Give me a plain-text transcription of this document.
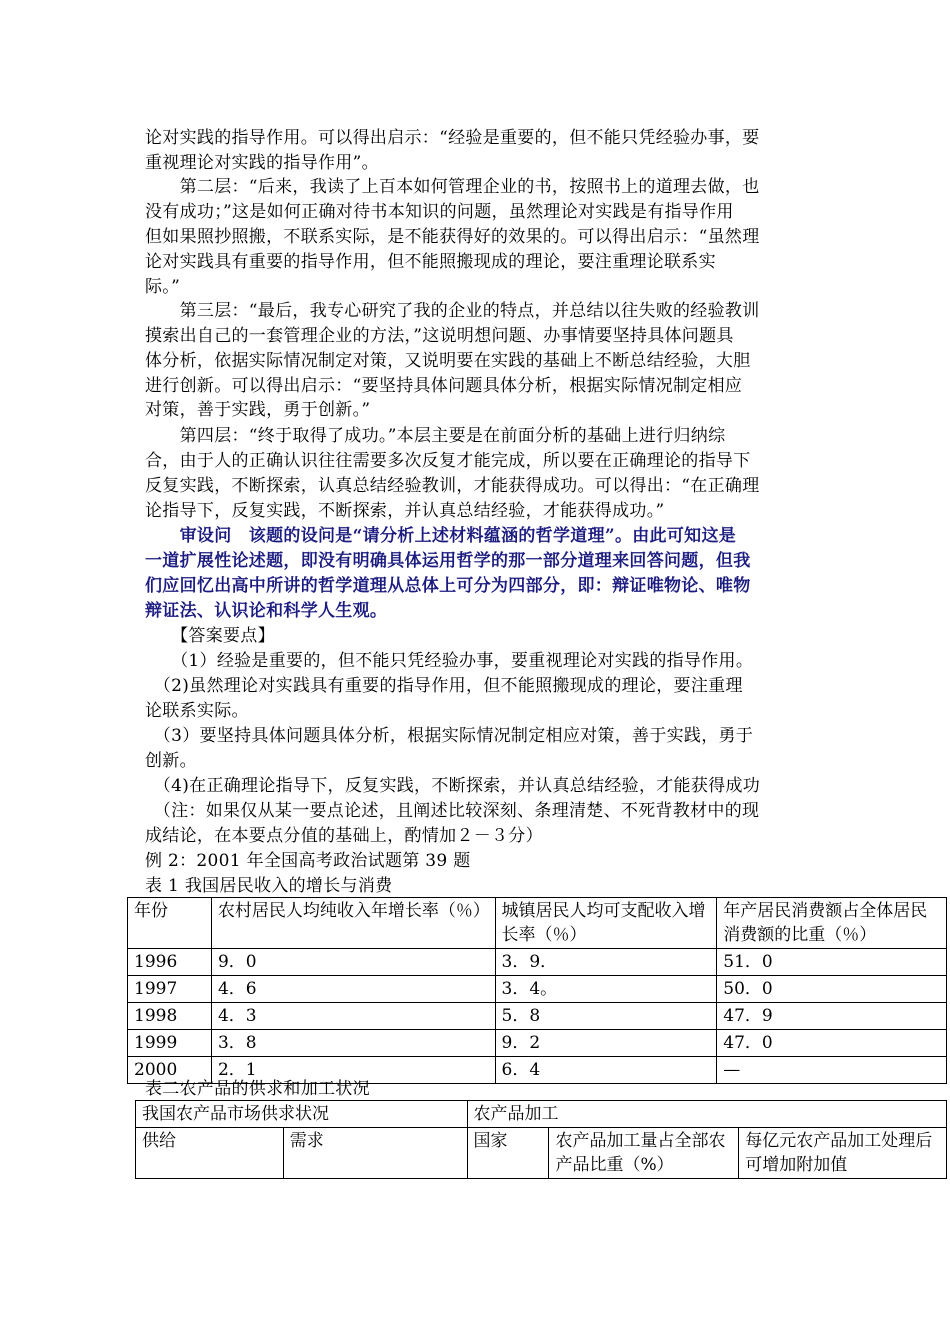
论对实践的指导作用。可以得出启示：“经验是重要的，但不能只凭经验办事，要
重视理论对实践的指导作用”。
　　第二层：“后来，我读了上百本如何管理企业的书，按照书上的道理去做，也
没有成功；”这是如何正确对待书本知识的问题，虽然理论对实践是有指导作用
但如果照抄照搬，不联系实际，是不能获得好的效果的。可以得出启示：“虽然理
论对实践具有重要的指导作用，但不能照搬现成的理论，要注重理论联系实
际。”
　　第三层：“最后，我专心研究了我的企业的特点，并总结以往失败的经验教训
摸索出自己的一套管理企业的方法，”这说明想问题、办事情要坚持具体问题具
体分析，依据实际情况制定对策，又说明要在实践的基础上不断总结经验，大胆
进行创新。可以得出启示：“要坚持具体问题具体分析，根据实际情况制定相应
对策，善于实践，勇于创新。”
　　第四层：“终于取得了成功。”本层主要是在前面分析的基础上进行归纳综
合，由于人的正确认识往往需要多次反复才能完成，所以要在正确理论的指导下
反复实践，不断探索，认真总结经验教训，才能获得成功。可以得出：“在正确理
论指导下，反复实践，不断探索，并认真总结经验，才能获得成功。”
　　审设问　该题的设问是“请分析上述材料蕴涵的哲学道理”。由此可知这是
一道扩展性论述题，即没有明确具体运用哲学的那一部分道理来回答问题，但我
们应回忆出高中所讲的哲学道理从总体上可分为四部分，即：辩证唯物论、唯物
辩证法、认识论和科学人生观。
　　【答案要点】
　　（1）经验是重要的，但不能只凭经验办事，要重视理论对实践的指导作用。
　（2)虽然理论对实践具有重要的指导作用，但不能照搬现成的理论，要注重理
论联系实际。
　（3）要坚持具体问题具体分析，根据实际情况制定相应对策，善于实践，勇于
创新。
　（4)在正确理论指导下，反复实践，不断探索，并认真总结经验，才能获得成功
　（注：如果仅从某一要点论述，且阐述比较深刻、条理清楚、不死背教材中的现
成结论，在本要点分值的基础上，酌情加２－３分）
例 2：2001 年全国高考政治试题第 39 题
表 1 我国居民收入的增长与消费
年份	农村居民人均纯收入年增长率（％）	城镇居民人均可支配收入增长率（％）	年产居民消费额占全体居民消费额的比重（％）
1996	9．0	3．9．	51．0
1997	4．6	3．4。	50．0
1998	4．3	5．8	47．9
1999	3．8	9．2	47．0
2000	2．1	6．4	—
表二农产品的供求和加工状况
我国农产品市场供求状况		农产品加工		
供给	需求	国家	农产品加工量占全部农产品比重（%）	每亿元农产品加工处理后可增加附加值
